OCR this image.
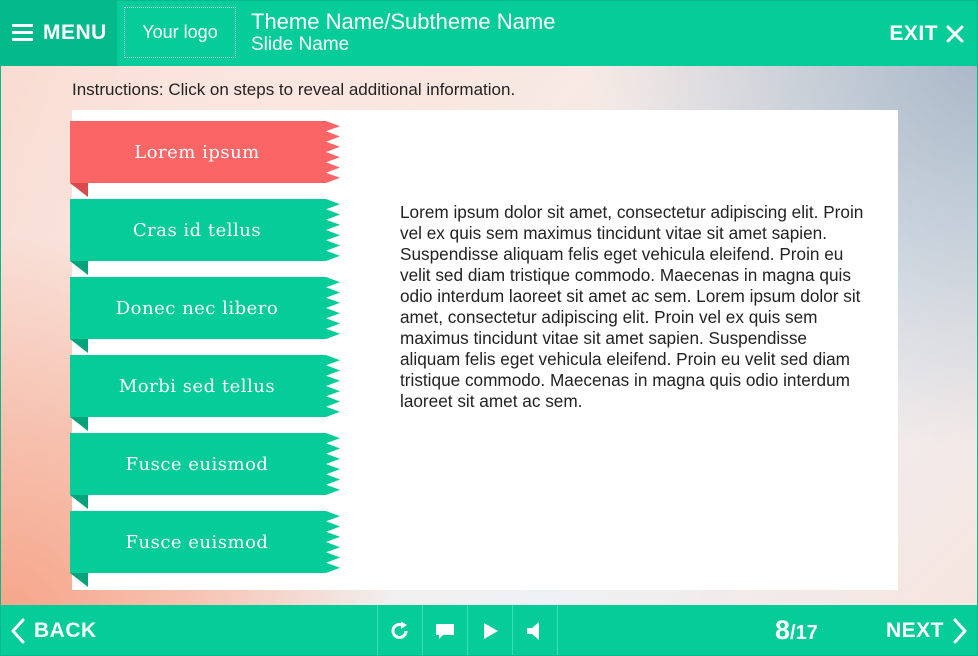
MENU	Your logo	Theme Name/Subtheme Name
Slide Name	EXIT
Instructions: Click on steps to reveal additional information.
Lorem ipsum dolor sit amet, consectetur adipiscing elit. Proin vel ex quis sem maximus tincidunt vitae sit amet sapien. Suspendisse aliquam felis eget vehicula eleifend. Proin eu velit sed diam tristique commodo. Maecenas in magna quis odio interdum laoreet sit amet ac sem. Lorem ipsum dolor sit amet, consectetur adipiscing elit. Proin vel ex quis sem maximus tincidunt vitae sit amet sapien. Suspendisse aliquam felis eget vehicula eleifend. Proin eu velit sed diam tristique commodo. Maecenas in magna quis odio interdum laoreet sit amet ac sem.
Lorem ipsum
Cras id tellus
Donec nec libero
Morbi sed tellus
Fusce euismod
Fusce euismod
BACK	8/17	NEXT
